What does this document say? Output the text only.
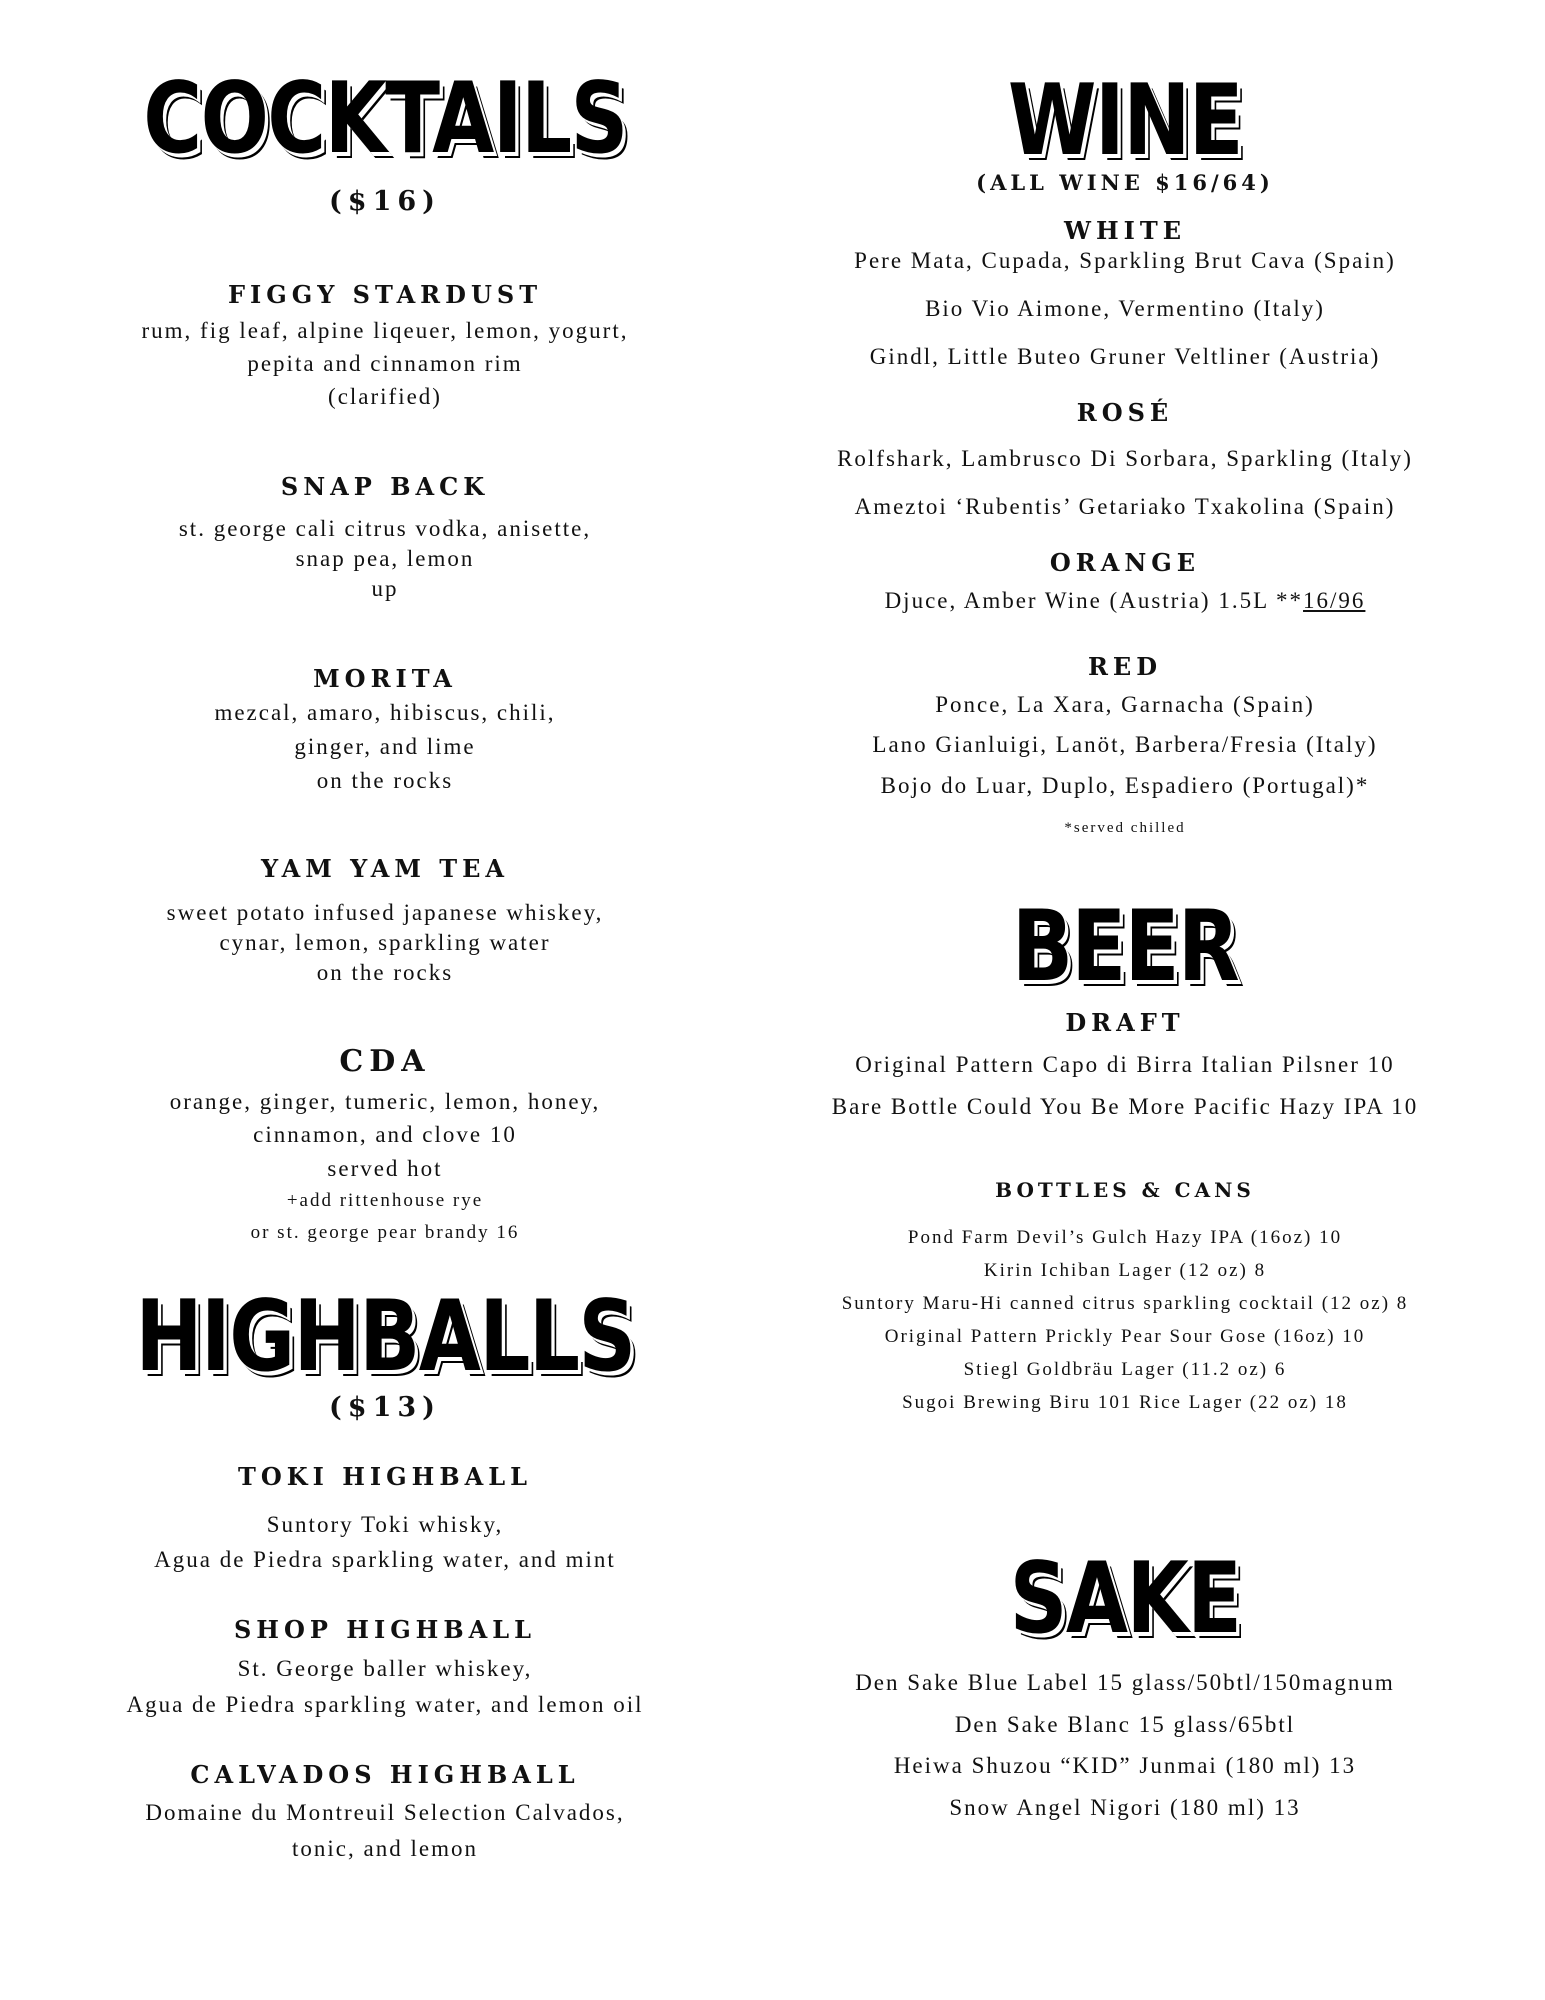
COCKTAILS
($16)
FIGGY STARDUST
rum, fig leaf, alpine liqeuer, lemon, yogurt,
pepita and cinnamon rim
(clarified)
SNAP BACK
st. george cali citrus vodka, anisette,
snap pea, lemon
up
MORITA
mezcal, amaro, hibiscus, chili,
ginger, and lime
on the rocks
YAM YAM TEA
sweet potato infused japanese whiskey,
cynar, lemon, sparkling water
on the rocks
CDA
orange, ginger, tumeric, lemon, honey,
cinnamon, and clove 10
served hot
+add rittenhouse rye
or st. george pear brandy 16
HIGHBALLS
($13)
TOKI HIGHBALL
Suntory Toki whisky,
Agua de Piedra sparkling water, and mint
SHOP HIGHBALL
St. George baller whiskey,
Agua de Piedra sparkling water, and lemon oil
CALVADOS HIGHBALL
Domaine du Montreuil Selection Calvados,
tonic, and lemon
WINE
(ALL WINE $16/64)
WHITE
Pere Mata, Cupada, Sparkling Brut Cava (Spain)
Bio Vio Aimone, Vermentino (Italy)
Gindl, Little Buteo Gruner Veltliner (Austria)
ROSÉ
Rolfshark, Lambrusco Di Sorbara, Sparkling (Italy)
Ameztoi ‘Rubentis’ Getariako Txakolina (Spain)
ORANGE
Djuce, Amber Wine (Austria) 1.5L **16/96
RED
Ponce, La Xara, Garnacha (Spain)
Lano Gianluigi, Lanöt, Barbera/Fresia (Italy)
Bojo do Luar, Duplo, Espadiero (Portugal)*
*served chilled
BEER
DRAFT
Original Pattern Capo di Birra Italian Pilsner 10
Bare Bottle Could You Be More Pacific Hazy IPA 10
BOTTLES & CANS
Pond Farm Devil’s Gulch Hazy IPA (16oz) 10
Kirin Ichiban Lager (12 oz) 8
Suntory Maru-Hi canned citrus sparkling cocktail (12 oz) 8
Original Pattern Prickly Pear Sour Gose (16oz) 10
Stiegl Goldbräu Lager (11.2 oz) 6
Sugoi Brewing Biru 101 Rice Lager (22 oz) 18
SAKE
Den Sake Blue Label 15 glass/50btl/150magnum
Den Sake Blanc 15 glass/65btl
Heiwa Shuzou “KID” Junmai (180 ml) 13
Snow Angel Nigori (180 ml) 13
